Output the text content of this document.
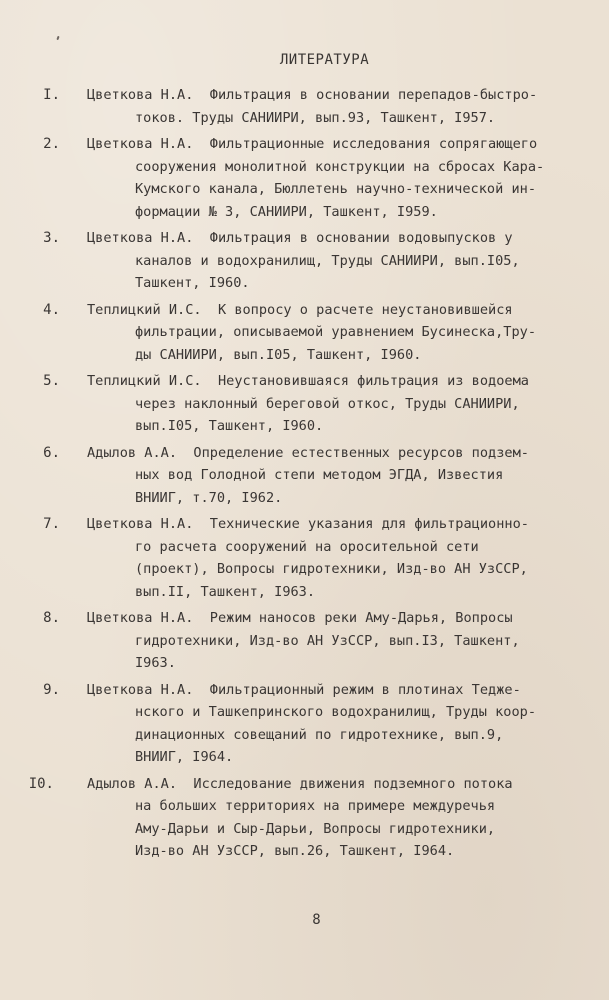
ЛИТЕРАТУРА
I. Цветкова Н.А.  Фильтрация в основании перепадов-быстро-
токов. Труды САНИИРИ, вып.93, Ташкент, I957.
2. Цветкова Н.А.  Фильтрационные исследования сопрягающего
сооружения монолитной конструкции на сбросах Кара-
Кумского канала, Бюллетень научно-технической ин-
формации № 3, САНИИРИ, Ташкент, I959.
3. Цветкова Н.А.  Фильтрация в основании водовыпусков у
каналов и водохранилищ, Труды САНИИРИ, вып.I05,
Ташкент, I960.
4. Теплицкий И.С.  К вопросу о расчете неустановившейся
фильтрации, описываемой уравнением Бусинеска,Тру-
ды САНИИРИ, вып.I05, Ташкент, I960.
5. Теплицкий И.С.  Неустановившаяся фильтрация из водоема
через наклонный береговой откос, Труды САНИИРИ,
вып.I05, Ташкент, I960.
6. Адылов А.А.  Определение естественных ресурсов подзем-
ных вод Голодной степи методом ЭГДА, Известия
ВНИИГ, т.70, I962.
7. Цветкова Н.А.  Технические указания для фильтрационно-
го расчета сооружений на оросительной сети
(проект), Вопросы гидротехники, Изд-во АН УзССР,
вып.II, Ташкент, I963.
8. Цветкова Н.А.  Режим наносов реки Аму-Дарья, Вопросы
гидротехники, Изд-во АН УзССР, вып.I3, Ташкент,
I963.
9. Цветкова Н.А.  Фильтрационный режим в плотинах Тедже-
нского и Ташкепринского водохранилищ, Труды коор-
динационных совещаний по гидротехнике, вып.9,
ВНИИГ, I964.
I0. Адылов А.А.  Исследование движения подземного потока
на больших территориях на примере междуречья
Аму-Дарьи и Сыр-Дарьи, Вопросы гидротехники,
Изд-во АН УзССР, вып.26, Ташкент, I964.
8
